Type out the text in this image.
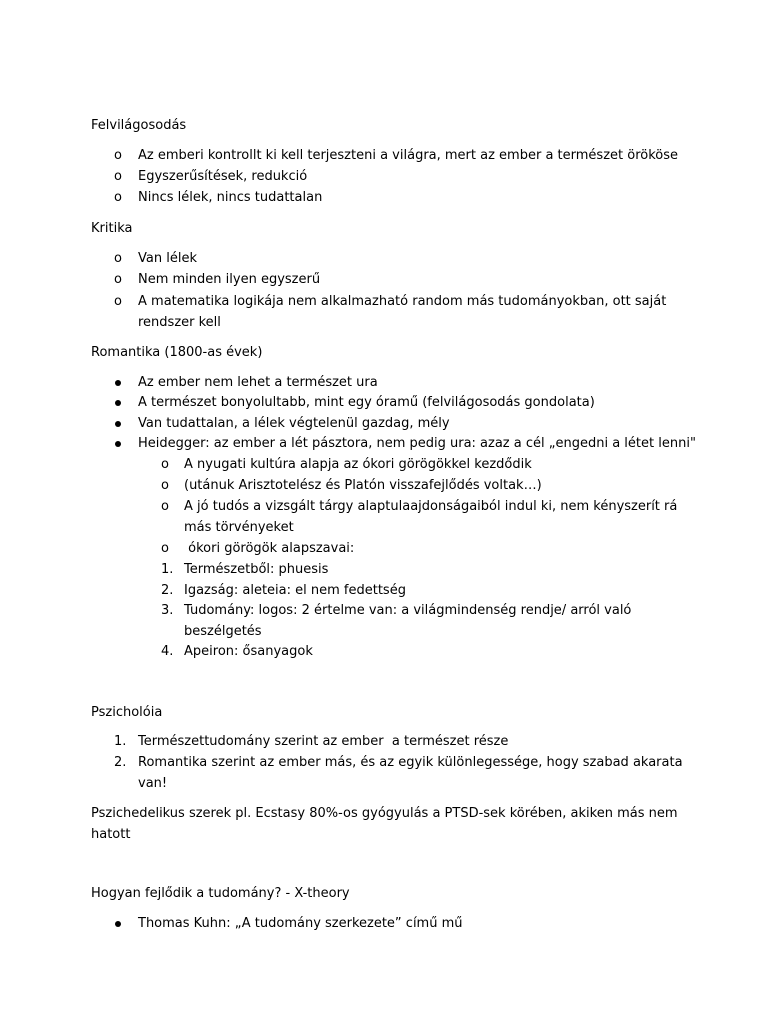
Felvilágosodás
o Az emberi kontrollt ki kell terjeszteni a világra, mert az ember a természet örököse
o Egyszerűsítések, redukció
o Nincs lélek, nincs tudattalan
Kritika
o Van lélek
o Nem minden ilyen egyszerű
o A matematika logikája nem alkalmazható random más tudományokban, ott saját
rendszer kell
Romantika (1800-as évek)
Az ember nem lehet a természet ura
A természet bonyolultabb, mint egy óramű (felvilágosodás gondolata)
Van tudattalan, a lélek végtelenül gazdag, mély
Heidegger: az ember a lét pásztora, nem pedig ura: azaz a cél „engedni a létet lenni"
o A nyugati kultúra alapja az ókori görögökkel kezdődik
o (utánuk Arisztotelész és Platón visszafejlődés voltak…)
o A jó tudós a vizsgált tárgy alaptulaajdonságaiból indul ki, nem kényszerít rá
más törvényeket
o ókori görögök alapszavai:
1. Természetből: phuesis
2. Igazság: aleteia: el nem fedettség
3. Tudomány: logos: 2 értelme van: a világmindenség rendje/ arról való
beszélgetés
4. Apeiron: ősanyagok
Pszicholóia
1. Természettudomány szerint az ember  a természet része
2. Romantika szerint az ember más, és az egyik különlegessége, hogy szabad akarata
van!
Pszichedelikus szerek pl. Ecstasy 80%-os gyógyulás a PTSD-sek körében, akiken más nem
hatott
Hogyan fejlődik a tudomány? - X-theory
Thomas Kuhn: „A tudomány szerkezete” című mű
